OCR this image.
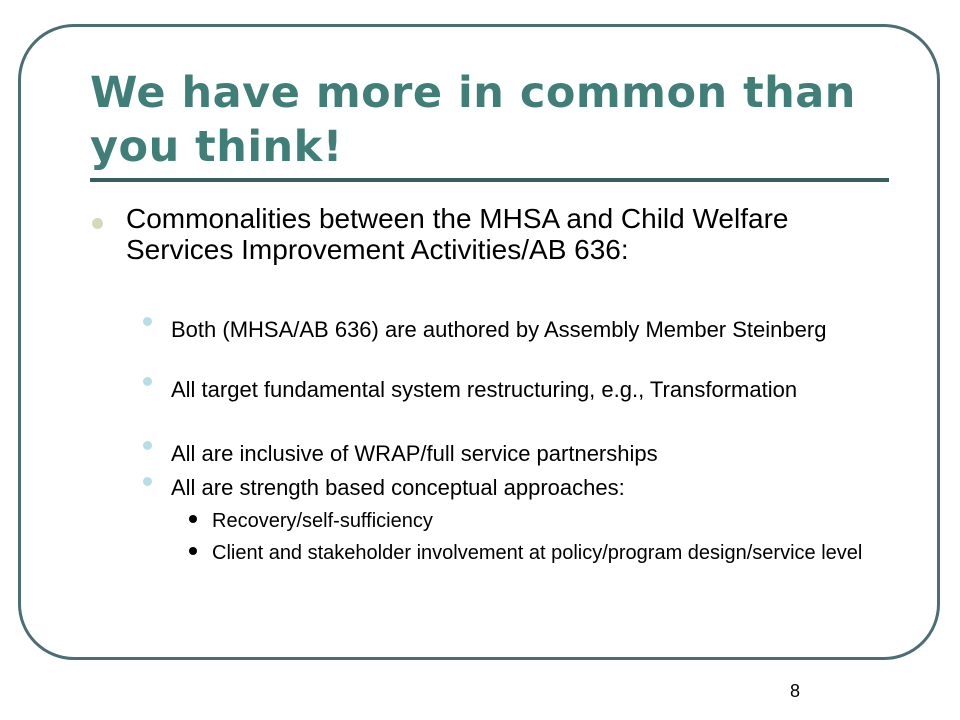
We have more in common than you think!

Commonalities between the MHSA and Child Welfare Services Improvement Activities/AB 636:

Both (MHSA/AB 636) are authored by Assembly Member Steinberg

All target fundamental system restructuring, e.g., Transformation

All are inclusive of WRAP/full service partnerships

All are strength based conceptual approaches:

Recovery/self-sufficiency

Client and stakeholder involvement at policy/program design/service level

8
